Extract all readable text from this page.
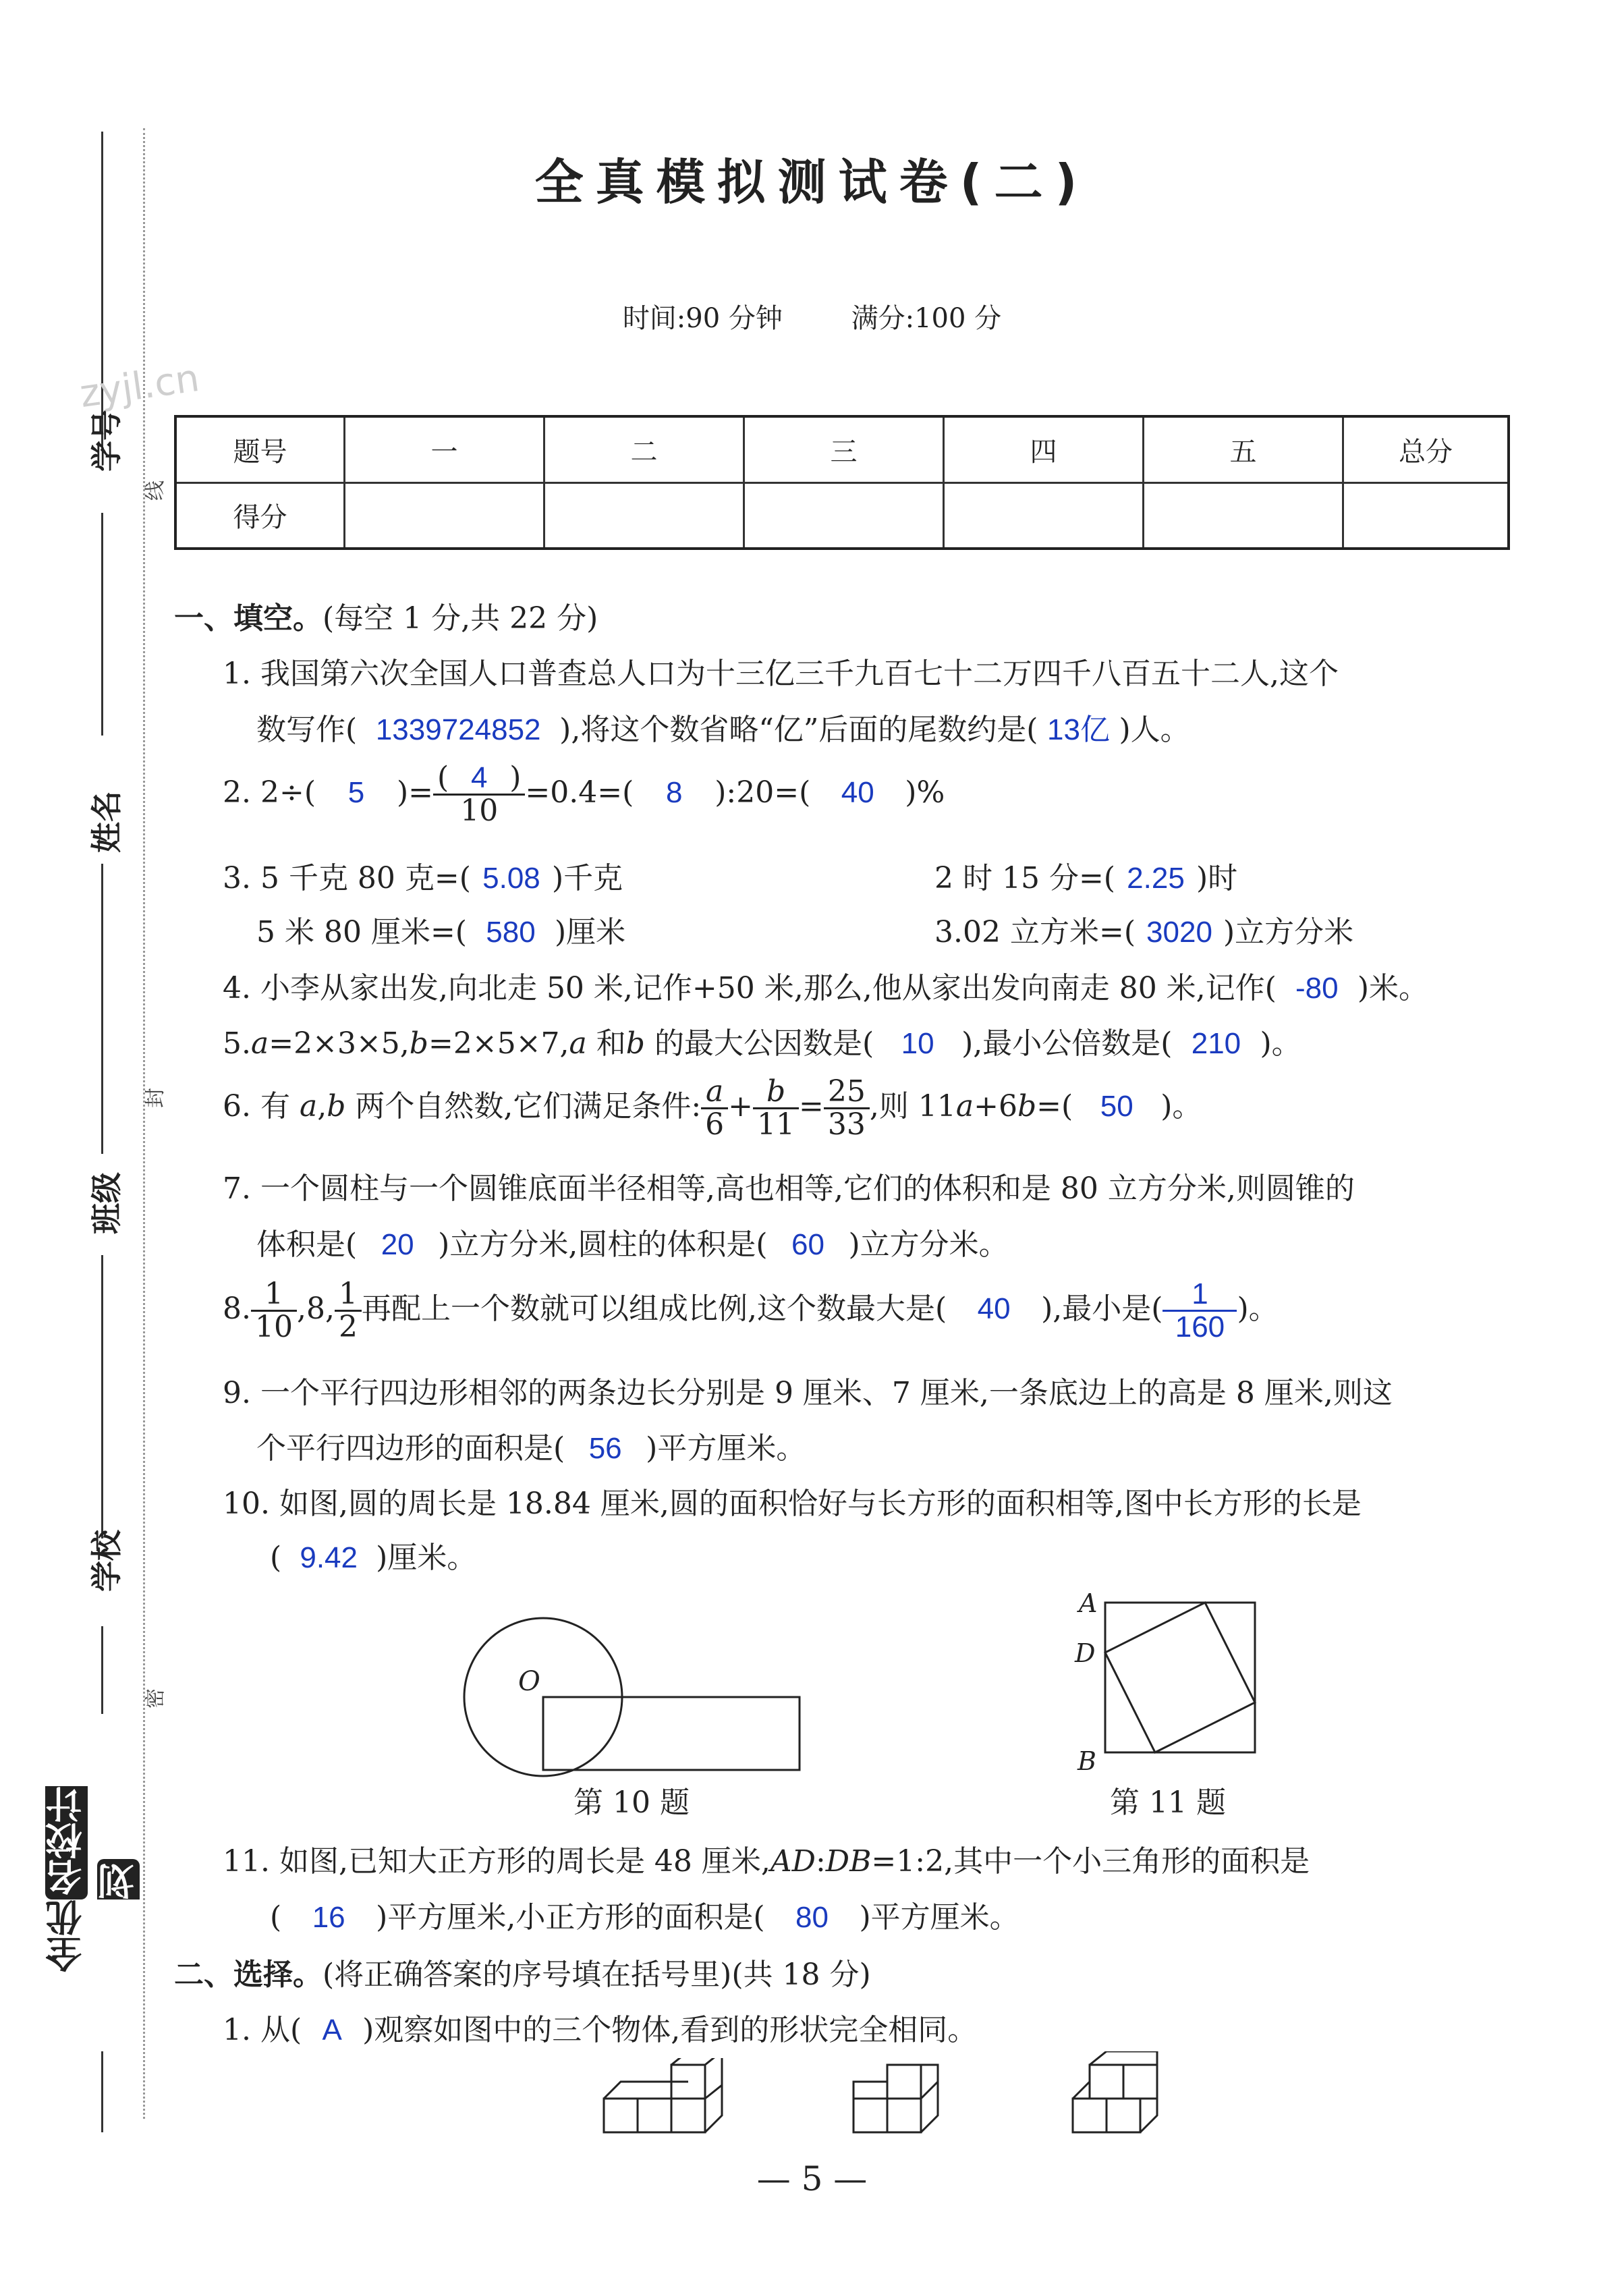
学号
姓名
班级
学校
线
封
密
zyjl.cn
全优名校计划
全真模拟测试卷(二)
时间:90 分钟        满分:100 分
题号	一	二	三	四	五	总分
得分						
一、填空。(每空 1 分,共 22 分)
1. 我国第六次全国人口普查总人口为十三亿三千九百七十二万四千八百五十二人,这个
数写作( 1339724852 ),将这个数省略“亿”后面的尾数约是( 13亿 )人。
2. 2÷( 5 )= $\frac{( 4 )}{10} =0.4=$( 8 ):20=( 40 )%
3. 5 千克 80 克=( 5.08 )千克	2 时 15 分=( 2.25 )时
5 米 80 厘米=( 580 )厘米	3.02 立方米=( 3020 )立方分米
4. 小李从家出发,向北走 50 米,记作+50 米,那么,他从家出发向南走 80 米,记作( -80 )米。
5.a=2×3×5,b=2×5×7,a 和b 的最大公因数是( 10 ),最小公倍数是( 210 )。
6. 有 a,b 两个自然数,它们满足条件: $\frac{a}{6} + \frac{b}{11} = \frac{25}{33}$ ,则 11a+6b=( 50 )。
7. 一个圆柱与一个圆锥底面半径相等,高也相等,它们的体积和是 80 立方分米,则圆锥的
体积是( 20 )立方分米,圆柱的体积是( 60 )立方分米。
8. $\frac{1}{10} ,8$, $\frac{1}{2}$ 再配上一个数就可以组成比例,这个数最大是( 40 ),最小是( $\frac{1}{160}$ )。
9. 一个平行四边形相邻的两条边长分别是 9 厘米、7 厘米,一条底边上的高是 8 厘米,则这
个平行四边形的面积是( 56 )平方厘米。
10. 如图,圆的周长是 18.84 厘米,圆的面积恰好与长方形的面积相等,图中长方形的长是
( 9.42 )厘米。
O
第 10 题
A
D
B
第 11 题
11. 如图,已知大正方形的周长是 48 厘米,AD:DB=1:2,其中一个小三角形的面积是
( 16 )平方厘米,小正方形的面积是( 80 )平方厘米。
二、选择。(将正确答案的序号填在括号里)(共 18 分)
1. 从( A )观察如图中的三个物体,看到的形状完全相同。
— 5 —
